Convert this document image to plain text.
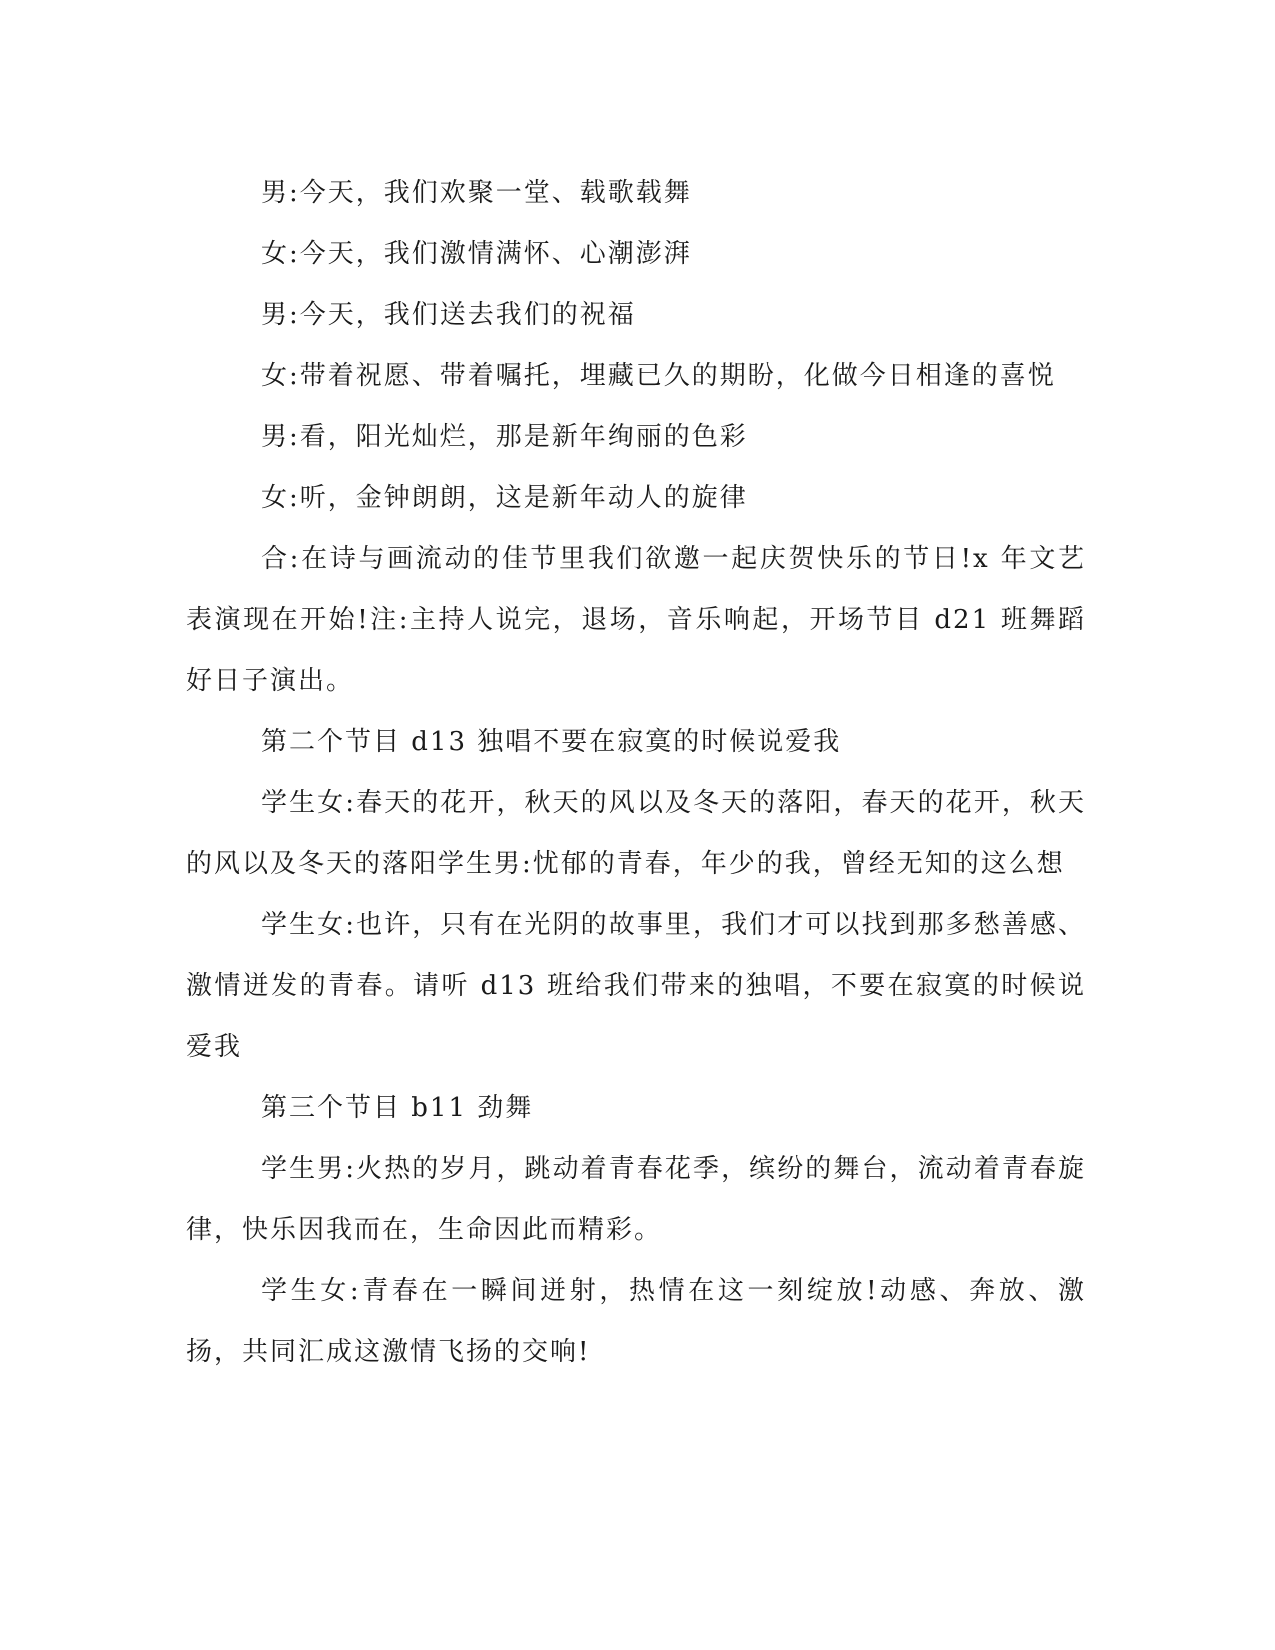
男:今天，我们欢聚一堂、载歌载舞

女:今天，我们激情满怀、心潮澎湃

男:今天，我们送去我们的祝福

女:带着祝愿、带着嘱托，埋藏已久的期盼，化做今日相逢的喜悦

男:看，阳光灿烂，那是新年绚丽的色彩

女:听，金钟朗朗，这是新年动人的旋律

合:在诗与画流动的佳节里我们欲邀一起庆贺快乐的节日!x 年文艺表演现在开始!注:主持人说完，退场，音乐响起，开场节目 d21 班舞蹈好日子演出。

第二个节目 d13 独唱不要在寂寞的时候说爱我

学生女:春天的花开，秋天的风以及冬天的落阳，春天的花开，秋天的风以及冬天的落阳学生男:忧郁的青春，年少的我，曾经无知的这么想

学生女:也许，只有在光阴的故事里，我们才可以找到那多愁善感、激情迸发的青春。请听 d13 班给我们带来的独唱，不要在寂寞的时候说爱我

第三个节目 b11 劲舞

学生男:火热的岁月，跳动着青春花季，缤纷的舞台，流动着青春旋律，快乐因我而在，生命因此而精彩。

学生女:青春在一瞬间迸射，热情在这一刻绽放!动感、奔放、激扬，共同汇成这激情飞扬的交响!
